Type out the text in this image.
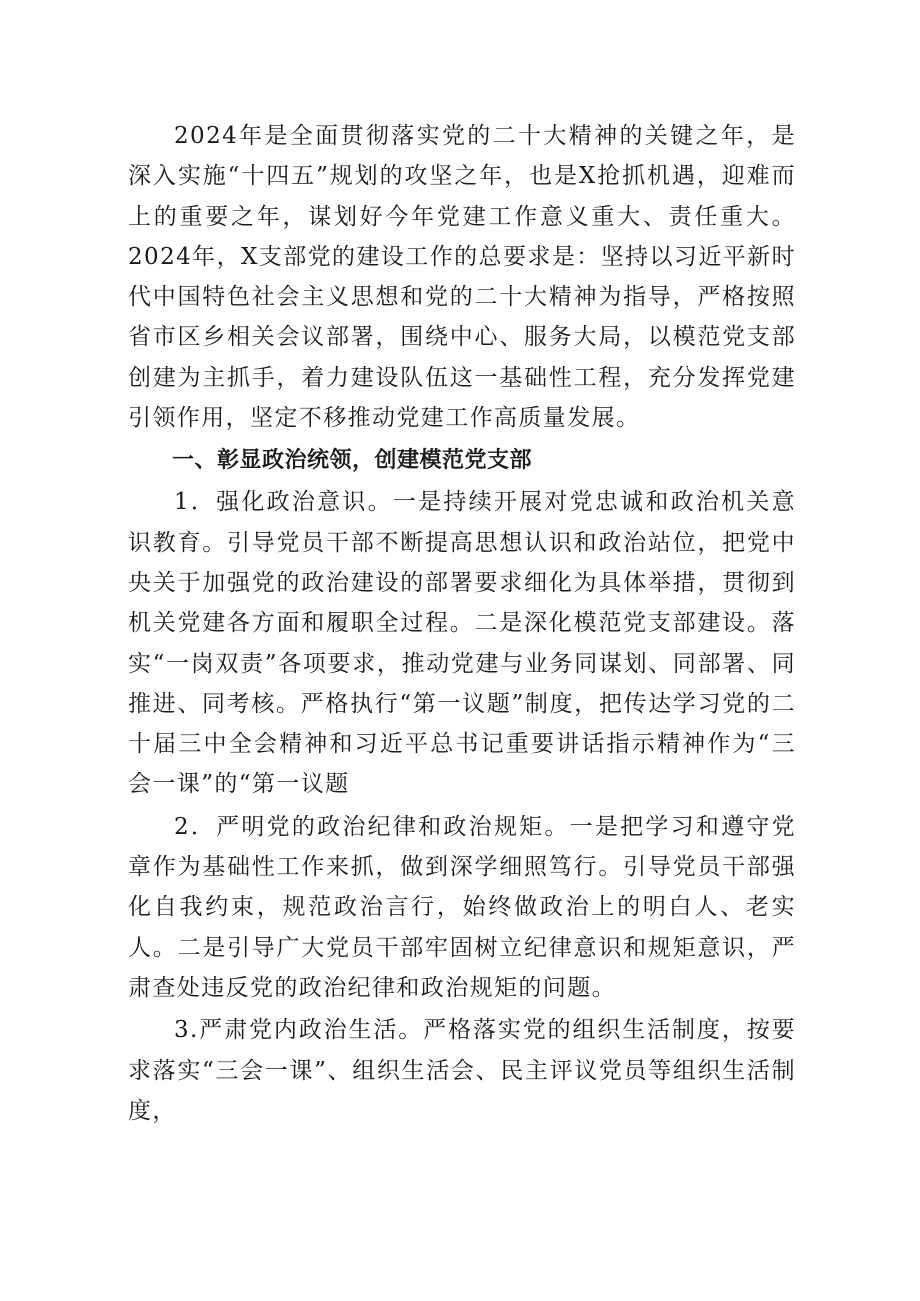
2024年是全面贯彻落实党的二十大精神的关键之年，是深入实施“十四五”规划的攻坚之年，也是X抢抓机遇，迎难而上的重要之年，谋划好今年党建工作意义重大、责任重大。2024年，X支部党的建设工作的总要求是：坚持以习近平新时代中国特色社会主义思想和党的二十大精神为指导，严格按照省市区乡相关会议部署，围绕中心、服务大局，以模范党支部创建为主抓手，着力建设队伍这一基础性工程，充分发挥党建引领作用，坚定不移推动党建工作高质量发展。

一、彰显政治统领，创建模范党支部

1．强化政治意识。一是持续开展对党忠诚和政治机关意识教育。引导党员干部不断提高思想认识和政治站位，把党中央关于加强党的政治建设的部署要求细化为具体举措，贯彻到机关党建各方面和履职全过程。二是深化模范党支部建设。落实“一岗双责”各项要求，推动党建与业务同谋划、同部署、同推进、同考核。严格执行“第一议题”制度，把传达学习党的二十届三中全会精神和习近平总书记重要讲话指示精神作为“三会一课”的“第一议题

2．严明党的政治纪律和政治规矩。一是把学习和遵守党章作为基础性工作来抓，做到深学细照笃行。引导党员干部强化自我约束，规范政治言行，始终做政治上的明白人、老实人。二是引导广大党员干部牢固树立纪律意识和规矩意识，严肃查处违反党的政治纪律和政治规矩的问题。

3.严肃党内政治生活。严格落实党的组织生活制度，按要求落实“三会一课”、组织生活会、民主评议党员等组织生活制度，
